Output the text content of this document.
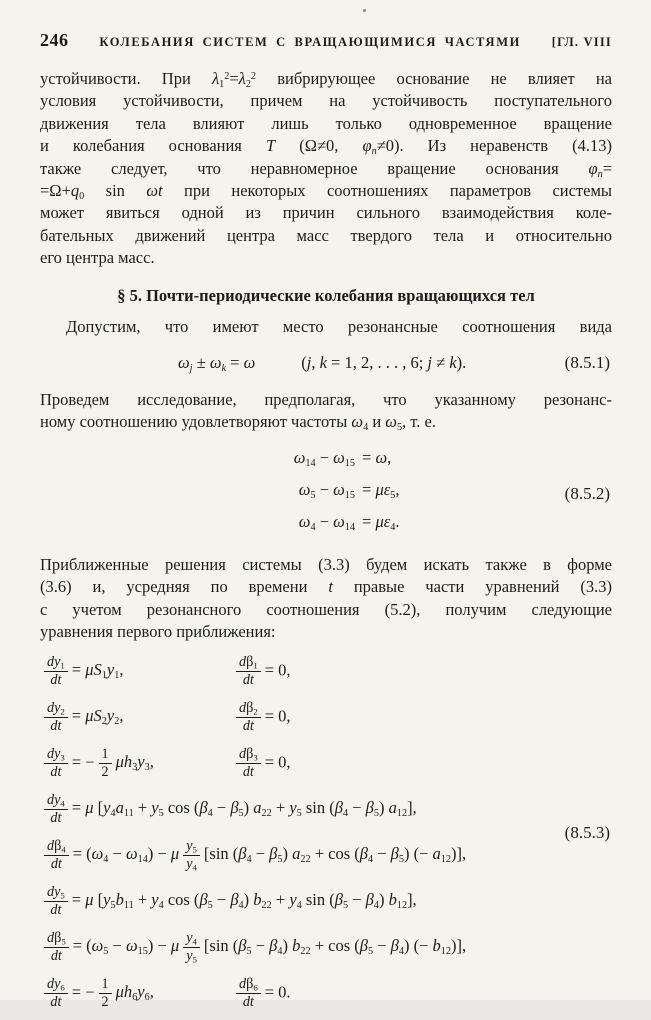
246	КОЛЕБАНИЯ СИСТЕМ С ВРАЩАЮЩИМИСЯ ЧАСТЯМИ	[ГЛ. VIII
устойчивости. При $\lambda_1^2=\lambda_2^2$ вибрирующее основание не влияет на
условия устойчивости, причем на устойчивость поступательного
движения тела влияют лишь только одновременное вращение
и колебания основания T (Ω≠0, $\varphi_n\ne 0$). Из неравенств (4.13)
также следует, что неравномерное вращение основания $\varphi_n=$
$=\Omega+q_0$ sin ωt при некоторых соотношениях параметров системы
может явиться одной из причин сильного взаимодействия коле-
бательных движений центра масс твердого тела и относительно
его центра масс.
§ 5. Почти-периодические колебания вращающихся тел
Допустим, что имеют место резонансные соотношения вида
$\omega_j \pm \omega_k = \omega$	(j, k = 1, 2, . . . , 6; j ≠ k).	(8.5.1)
Проведем исследование, предполагая, что указанному резонанс-
ному соотношению удовлетворяют частоты $\omega_4$ и $\omega_5$, т. е.
$\omega_{14} - \omega_{15} = \omega$,
$\omega_5 - \omega_{15} = \mu\varepsilon_5$,
$\omega_4 - \omega_{14} = \mu\varepsilon_4$.
(8.5.2)
Приближенные решения системы (3.3) будем искать также в форме
(3.6) и, усредняя по времени t правые части уравнений (3.3)
с учетом резонансного соотношения (5.2), получим следующие
уравнения первого приближения:
$\frac{dy_1}{dt} = \mu S_1y_1$,	$\frac{d\beta_1}{dt} = 0$,
$\frac{dy_2}{dt} = \mu S_2y_2$,	$\frac{d\beta_2}{dt} = 0$,
$\frac{dy_3}{dt}$ = − $\frac{1}{2} \mu h_3y_3$,	$\frac{d\beta_3}{dt} = 0$,
$\frac{dy_4}{dt} = \mu$ [$y_4a_{11} + y_5$ $\cos (\beta_4 - \beta_5) a_{22} + y_5$ $\sin (\beta_4 - \beta_5)$ $a_{12}$],
$\frac{d\beta_4}{dt} = (\omega_4 - \omega_{14}) - \mu \frac{y_5}{y_4} [\sin$ $(\beta_4 - \beta_5) a_{22} + \cos (\beta_4 - \beta_5)$ (− $a_{12}$)],
$\frac{dy_5}{dt} = \mu$ [$y_5b_{11} + y_4$ $\cos (\beta_5 - \beta_4) b_{22} + y_4$ $\sin (\beta_5 - \beta_4)$ $b_{12}$],
$\frac{d\beta_5}{dt} = (\omega_5 - \omega_{15}) - \mu \frac{y_4}{y_5} [\sin$ $(\beta_5 - \beta_4) b_{22} + \cos (\beta_5 - \beta_4)$ (− $b_{12}$)],
$\frac{dy_6}{dt}$ = − $\frac{1}{2} \mu h_6y_6$,	$\frac{d\beta_6}{dt} = 0$.
(8.5.3)
